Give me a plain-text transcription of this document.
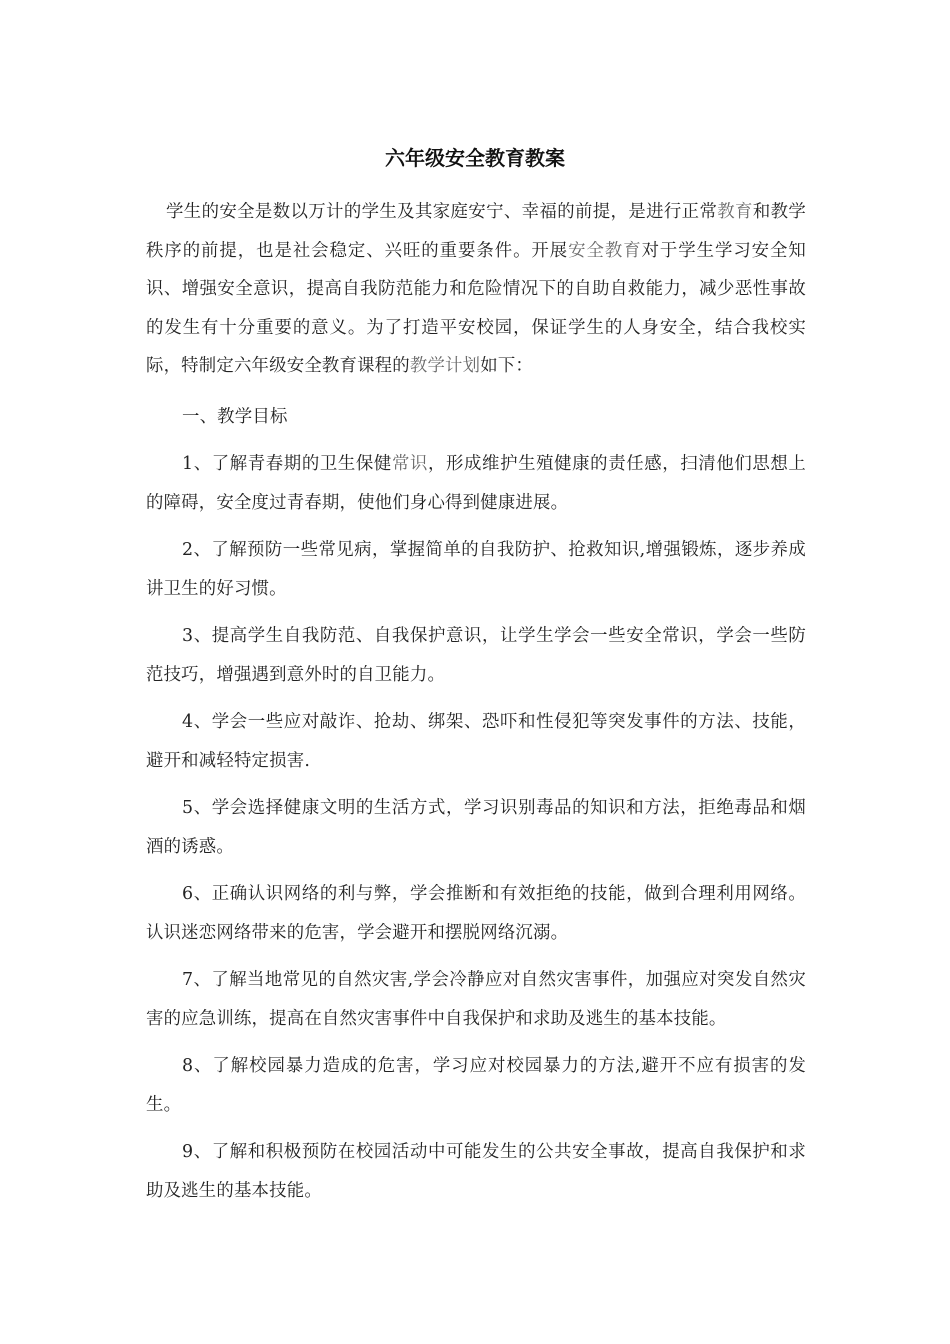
六年级安全教育教案

学生的安全是数以万计的学生及其家庭安宁、幸福的前提，是进行正常教育和教学秩序的前提，也是社会稳定、兴旺的重要条件。开展安全教育对于学生学习安全知识、增强安全意识，提高自我防范能力和危险情况下的自助自救能力，减少恶性事故的发生有十分重要的意义。为了打造平安校园，保证学生的人身安全，结合我校实际，特制定六年级安全教育课程的教学计划如下：

一、教学目标

1、了解青春期的卫生保健常识，形成维护生殖健康的责任感，扫清他们思想上的障碍，安全度过青春期，使他们身心得到健康进展。

2、了解预防一些常见病，掌握简单的自我防护、抢救知识,增强锻炼，逐步养成讲卫生的好习惯。

3、提高学生自我防范、自我保护意识，让学生学会一些安全常识，学会一些防范技巧，增强遇到意外时的自卫能力。

4、学会一些应对敲诈、抢劫、绑架、恐吓和性侵犯等突发事件的方法、技能，避开和减轻特定损害.

5、学会选择健康文明的生活方式，学习识别毒品的知识和方法，拒绝毒品和烟酒的诱惑。

6、正确认识网络的利与弊，学会推断和有效拒绝的技能，做到合理利用网络。认识迷恋网络带来的危害，学会避开和摆脱网络沉溺。

7、了解当地常见的自然灾害,学会冷静应对自然灾害事件，加强应对突发自然灾害的应急训练，提高在自然灾害事件中自我保护和求助及逃生的基本技能。

8、了解校园暴力造成的危害，学习应对校园暴力的方法,避开不应有损害的发生。

9、了解和积极预防在校园活动中可能发生的公共安全事故，提高自我保护和求助及逃生的基本技能。
